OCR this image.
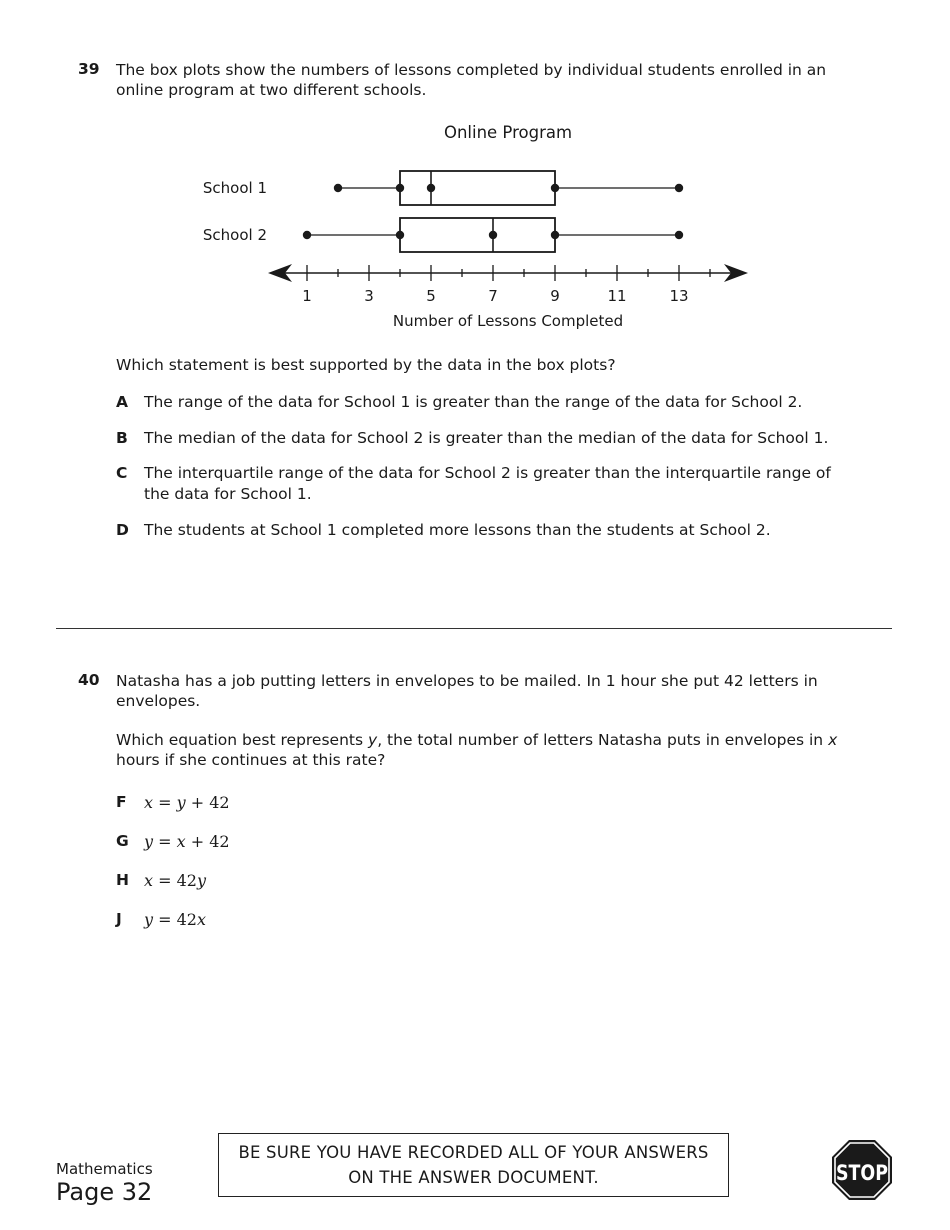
39 The box plots show the numbers of lessons completed by individual students enrolled in an online program at two different schools.
Online Program
1	3	5	7	9	11	13
School 1
School 2
Number of Lessons Completed
Which statement is best supported by the data in the box plots?
A The range of the data for School 1 is greater than the range of the data for School 2.
B The median of the data for School 2 is greater than the median of the data for School 1.
C The interquartile range of the data for School 2 is greater than the interquartile range of the data for School 1.
D The students at School 1 completed more lessons than the students at School 2.
40 Natasha has a job putting letters in envelopes to be mailed. In 1 hour she put 42 letters in envelopes.
Which equation best represents y, the total number of letters Natasha puts in envelopes in x hours if she continues at this rate?
F x = y + 42
G y = x + 42
H x = 42y
J y = 42x
BE SURE YOU HAVE RECORDED ALL OF YOUR ANSWERS
ON THE ANSWER DOCUMENT.
Mathematics
Page 32
STOP
